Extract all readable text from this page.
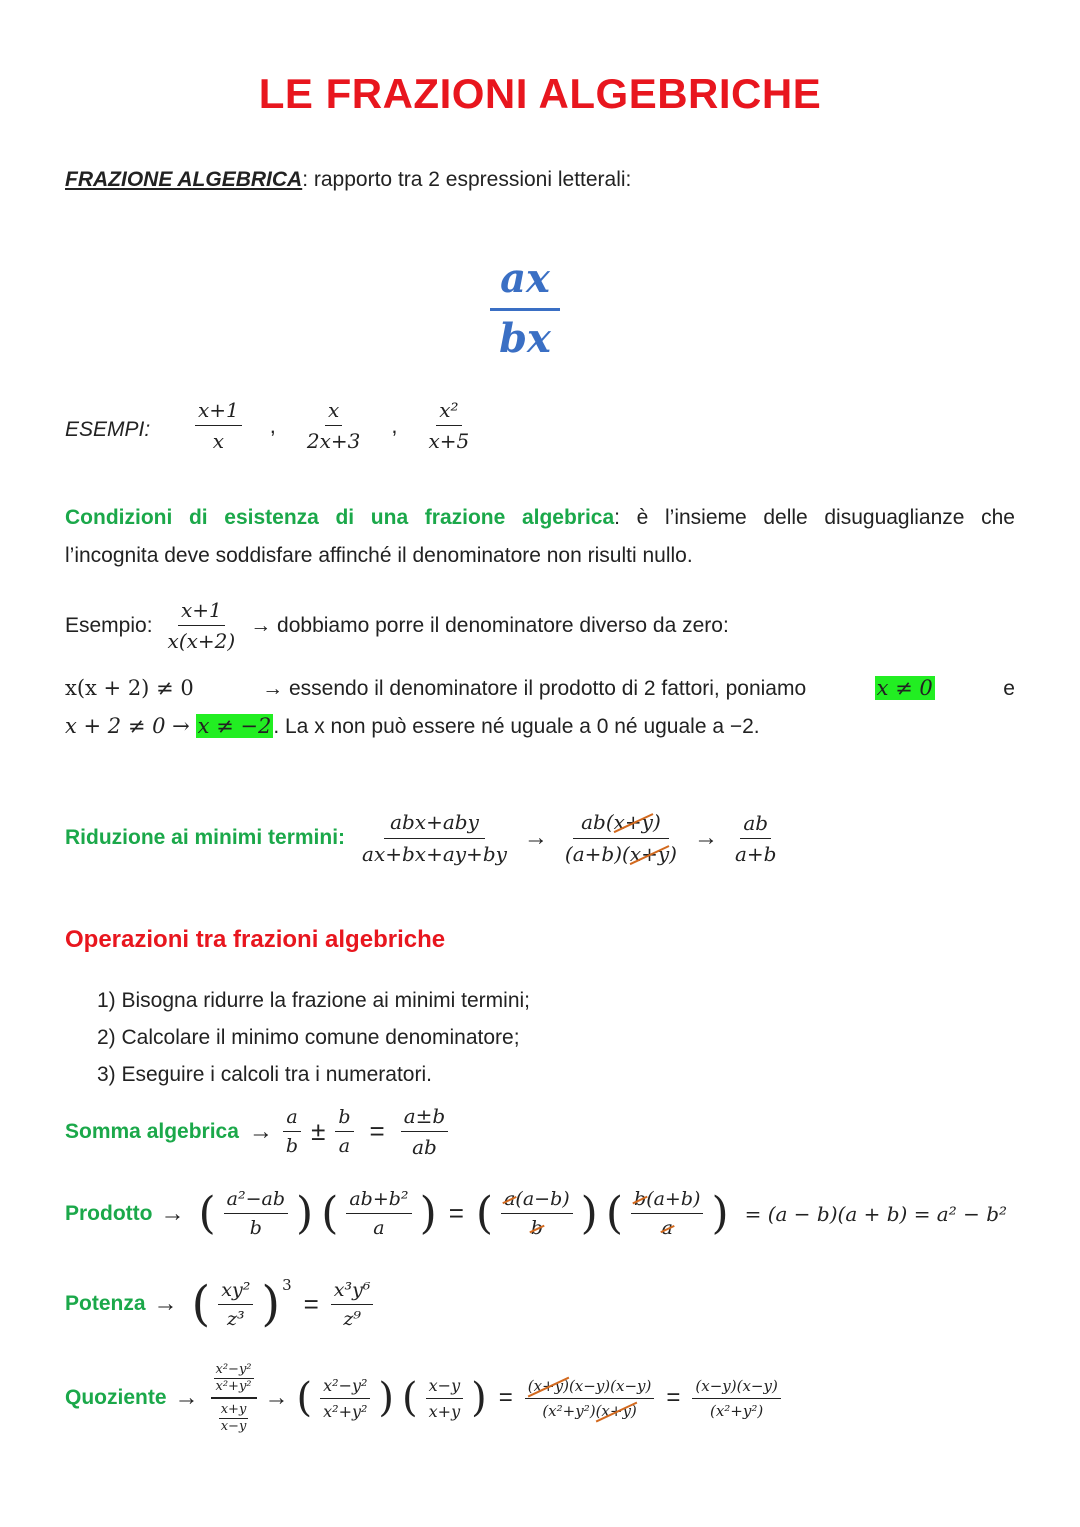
LE FRAZIONI ALGEBRICHE
FRAZIONE ALGEBRICA: rapporto tra 2 espressioni letterali:
$\frac{ax}{bx}$
ESEMPI: $\frac{x+1}{x}$ , $\frac{x}{2x+3}$ , $\frac{\text{x²}}{x+5}$
Condizioni di esistenza di una frazione algebrica: è l’insieme delle disuguaglianze che
l’incognita deve soddisfare affinché il denominatore non risulti nullo.
Esempio: $\frac{x+1}{x(x+2)}$ → dobbiamo porre il denominatore diverso da zero:
x(x + 2) ≠ 0	→ essendo il denominatore il prodotto di 2 fattori, poniamo	x ≠ 0	e
x + 2 ≠ 0 → x ≠ −2. La x non può essere né uguale a 0 né uguale a −2.
Riduzione ai minimi termini: $\frac{\text{abx+aby}}{ax+bx+ay+by} \to \frac{ab(x+y)}{(a+b)(x+y)} \to \frac{ab}{a+b}$
Operazioni tra frazioni algebriche
1) Bisogna ridurre la frazione ai minimi termini;
2) Calcolare il minimo comune denominatore;
3) Eseguire i calcoli tra i numeratori.
Somma algebrica → $\frac{a}{b} \pm \frac{b}{a} = \frac{a\pm b}{ab}$
Prodotto → ( $\frac{\text{a²−ab}}{b}$ ) ( $\frac{\text{ab+b²}}{a}$ ) = ( $\frac{a(a-b)}{b}$ ) ( $\frac{b(a+b)}{a}$ ) = (a − b)(a + b) = a² − b²
Potenza → ( $\frac{\text{xy²}}{\text{z³}}$ ) 3
= $\frac{\text{x³y⁶}}{\text{z⁹}}$
Quoziente → x²−y²
x²+y²
x+y
x−y → ( $\frac{\text{x²−y²}}{\text{x²+y²}}$ ) ( $\frac{x-y}{x+y}$ ) = $\frac{(x+y)(x-y)(x-y)}{\text{(x²+y²)(x+y)}} = \frac{(x-y)(x-y)}{\text{(x²+y²)}}$
